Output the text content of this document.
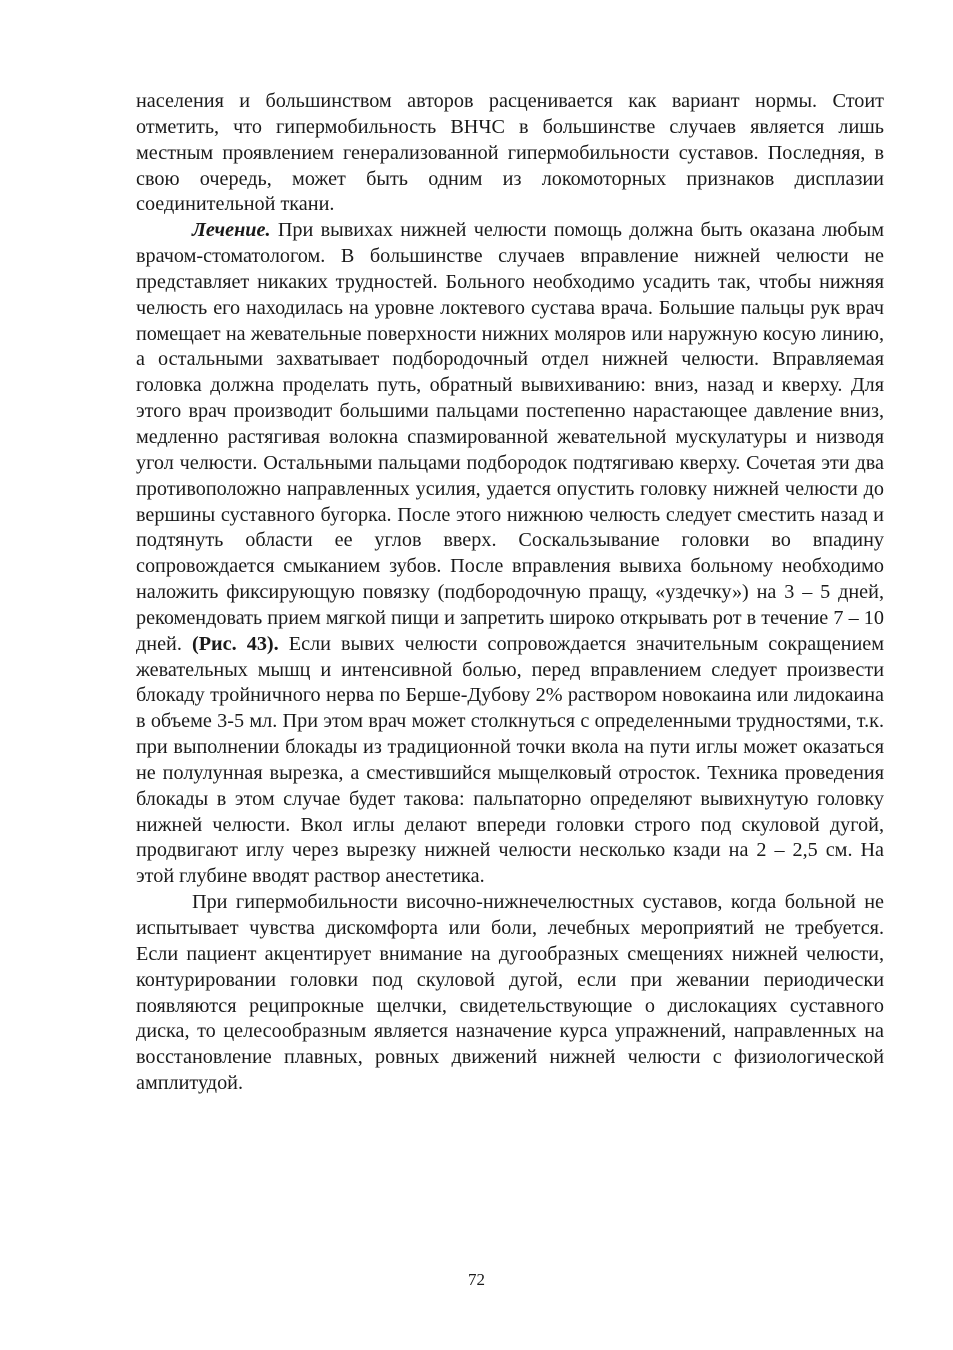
населения и большинством авторов расценивается как вариант нормы. Стоит отметить, что гипермобильность ВНЧС в большинстве случаев является лишь местным проявлением генерализованной гипермобильности суставов. Последняя, в свою очередь, может быть одним из локомоторных признаков дисплазии соединительной ткани.

Лечение. При вывихах нижней челюсти помощь должна быть оказана любым врачом-стоматологом. В большинстве случаев вправление нижней челюсти не представляет никаких трудностей. Больного необходимо усадить так, чтобы нижняя челюсть его находилась на уровне локтевого сустава врача. Большие пальцы рук врач помещает на жевательные поверхности нижних моляров или наружную косую линию, а остальными захватывает подбородочный отдел нижней челюсти. Вправляемая головка должна проделать путь, обратный вывихиванию: вниз, назад и кверху. Для этого врач производит большими пальцами постепенно нарастающее давление вниз, медленно растягивая волокна спазмированной жевательной мускулатуры и низводя угол челюсти. Остальными пальцами подбородок подтягиваю кверху. Сочетая эти два противоположно направленных усилия, удается опустить головку нижней челюсти до вершины суставного бугорка. После этого нижнюю челюсть следует сместить назад и подтянуть области ее углов вверх. Соскальзывание головки во впадину сопровождается смыканием зубов. После вправления вывиха больному необходимо наложить фиксирующую повязку (подбородочную пращу, «уздечку») на 3 – 5 дней, рекомендовать прием мягкой пищи и запретить широко открывать рот в течение 7 – 10 дней. (Рис. 43). Если вывих челюсти сопровождается значительным сокращением жевательных мышц и интенсивной болью, перед вправлением следует произвести блокаду тройничного нерва по Берше-Дубову 2% раствором новокаина или лидокаина в объеме 3-5 мл. При этом врач может столкнуться с определенными трудностями, т.к. при выполнении блокады из традиционной точки вкола на пути иглы может оказаться не полулунная вырезка, а сместившийся мыщелковый отросток. Техника проведения блокады в этом случае будет такова: пальпаторно определяют вывихнутую головку нижней челюсти. Вкол иглы делают впереди головки строго под скуловой дугой, продвигают иглу через вырезку нижней челюсти несколько кзади на 2 – 2,5 см. На этой глубине вводят раствор анестетика.

При гипермобильности височно-нижнечелюстных суставов, когда больной не испытывает чувства дискомфорта или боли, лечебных мероприятий не требуется. Если пациент акцентирует внимание на дугообразных смещениях нижней челюсти, контурировании головки под скуловой дугой, если при жевании периодически появляются реципрокные щелчки, свидетельствующие о дислокациях суставного диска, то целесообразным является назначение курса упражнений, направленных на восстановление плавных, ровных движений нижней челюсти с физиологической амплитудой.

72
